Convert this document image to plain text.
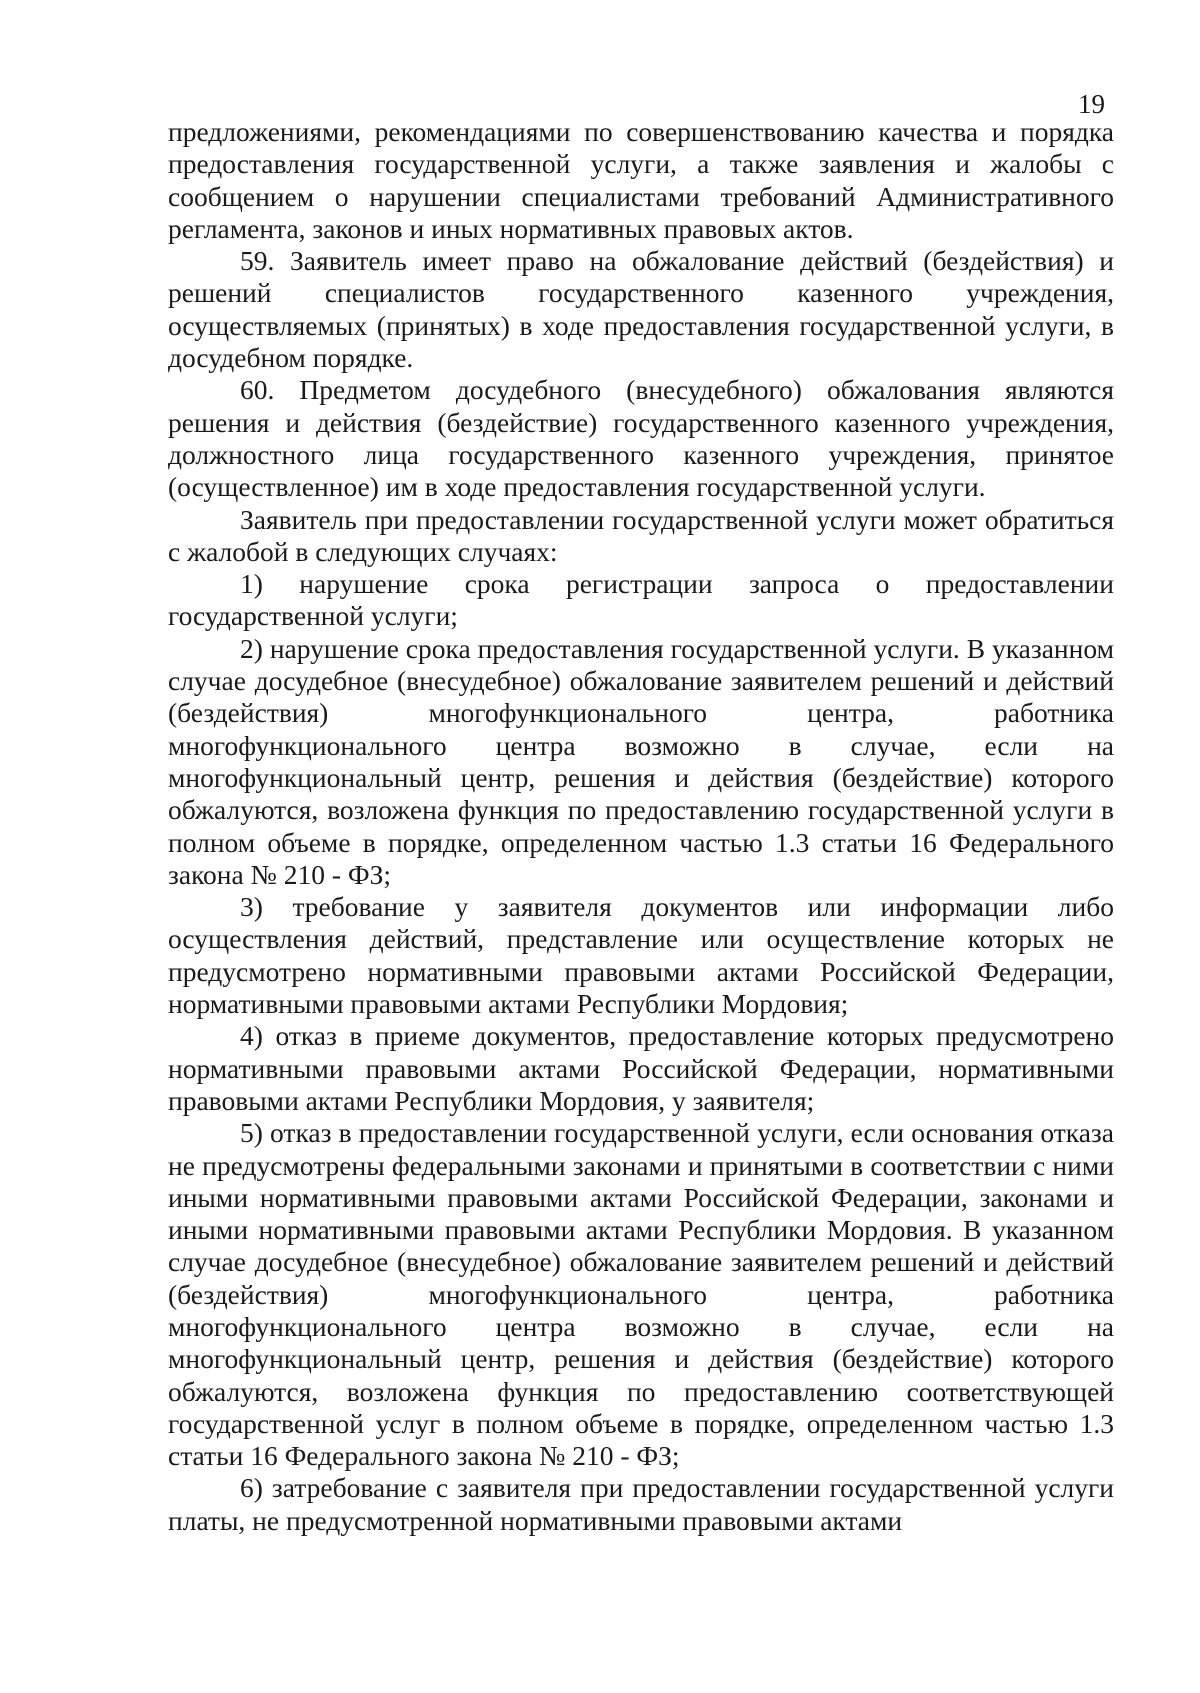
19

предложениями, рекомендациями по совершенствованию качества и порядка предоставления государственной услуги, а также заявления и жалобы с сообщением о нарушении специалистами требований Административного регламента, законов и иных нормативных правовых актов.

59. Заявитель имеет право на обжалование действий (бездействия) и решений специалистов государственного казенного учреждения, осуществляемых (принятых) в ходе предоставления государственной услуги, в досудебном порядке.

60. Предметом досудебного (внесудебного) обжалования являются решения и действия (бездействие) государственного казенного учреждения, должностного лица государственного казенного учреждения, принятое (осуществленное) им в ходе предоставления государственной услуги.

Заявитель при предоставлении государственной услуги может обратиться с жалобой в следующих случаях:

1) нарушение срока регистрации запроса о предоставлении государственной услуги;

2) нарушение срока предоставления государственной услуги. В указанном случае досудебное (внесудебное) обжалование заявителем решений и действий (бездействия) многофункционального центра, работника многофункционального центра возможно в случае, если на многофункциональный центр, решения и действия (бездействие) которого обжалуются, возложена функция по предоставлению государственной услуги в полном объеме в порядке, определенном частью 1.3 статьи 16 Федерального закона № 210 - ФЗ;

3) требование у заявителя документов или информации либо осуществления действий, представление или осуществление которых не предусмотрено нормативными правовыми актами Российской Федерации, нормативными правовыми актами Республики Мордовия;

4) отказ в приеме документов, предоставление которых предусмотрено нормативными правовыми актами Российской Федерации, нормативными правовыми актами Республики Мордовия, у заявителя;

5) отказ в предоставлении государственной услуги, если основания отказа не предусмотрены федеральными законами и принятыми в соответствии с ними иными нормативными правовыми актами Российской Федерации, законами и иными нормативными правовыми актами Республики Мордовия. В указанном случае досудебное (внесудебное) обжалование заявителем решений и действий (бездействия) многофункционального центра, работника многофункционального центра возможно в случае, если на многофункциональный центр, решения и действия (бездействие) которого обжалуются, возложена функция по предоставлению соответствующей государственной услуг в полном объеме в порядке, определенном частью 1.3 статьи 16 Федерального закона № 210 - ФЗ;

6) затребование с заявителя при предоставлении государственной услуги платы, не предусмотренной нормативными правовыми актами
